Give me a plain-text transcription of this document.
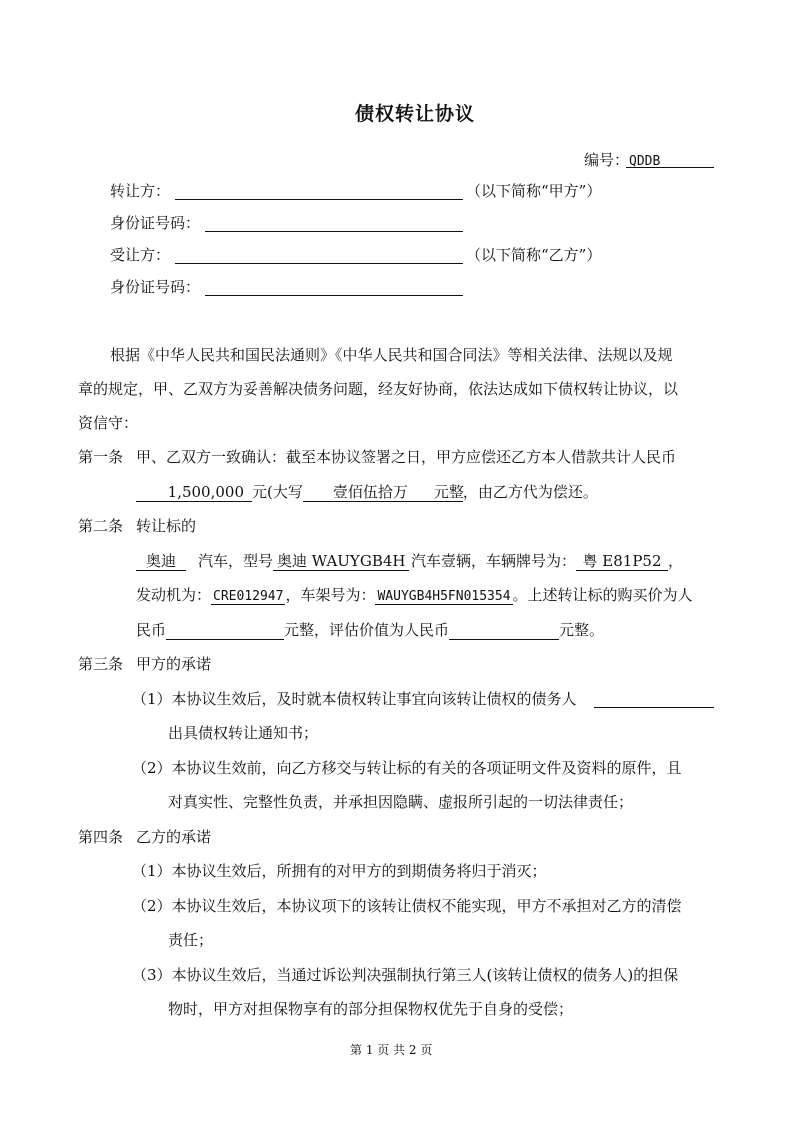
债权转让协议
编号：QDDB
转让方：	（以下简称“甲方”）
身份证号码：
受让方：	（以下简称“乙方”）
身份证号码：
根据《中华人民共和国民法通则》《中华人民共和国合同法》等相关法律、法规以及规
章的规定，甲、乙双方为妥善解决债务问题，经友好协商，依法达成如下债权转让协议，以
资信守：
第一条 甲、乙双方一致确认：截至本协议签署之日，甲方应偿还乙方本人借款共计人民币
1,500,000 元(大写 壹佰伍拾万 元整，由乙方代为偿还。
第二条 转让标的
奥迪 汽车，型号 奥迪 WAUYGB4H 汽车壹辆，车辆牌号为： 粤 E81P52 ，
发动机为： CRE012947 ，车架号为： WAUYGB4H5FN015354 。上述转让标的购买价为人
民币	元整，评估价值为人民币	元整。
第三条 甲方的承诺
（1）本协议生效后，及时就本债权转让事宜向该转让债权的债务人
出具债权转让通知书；
（2）本协议生效前，向乙方移交与转让标的有关的各项证明文件及资料的原件，且
对真实性、完整性负责，并承担因隐瞒、虚报所引起的一切法律责任；
第四条 乙方的承诺
（1）本协议生效后，所拥有的对甲方的到期债务将归于消灭；
（2）本协议生效后，本协议项下的该转让债权不能实现，甲方不承担对乙方的清偿
责任；
（3）本协议生效后，当通过诉讼判决强制执行第三人(该转让债权的债务人)的担保
物时，甲方对担保物享有的部分担保物权优先于自身的受偿；
第 1 页 共 2 页
